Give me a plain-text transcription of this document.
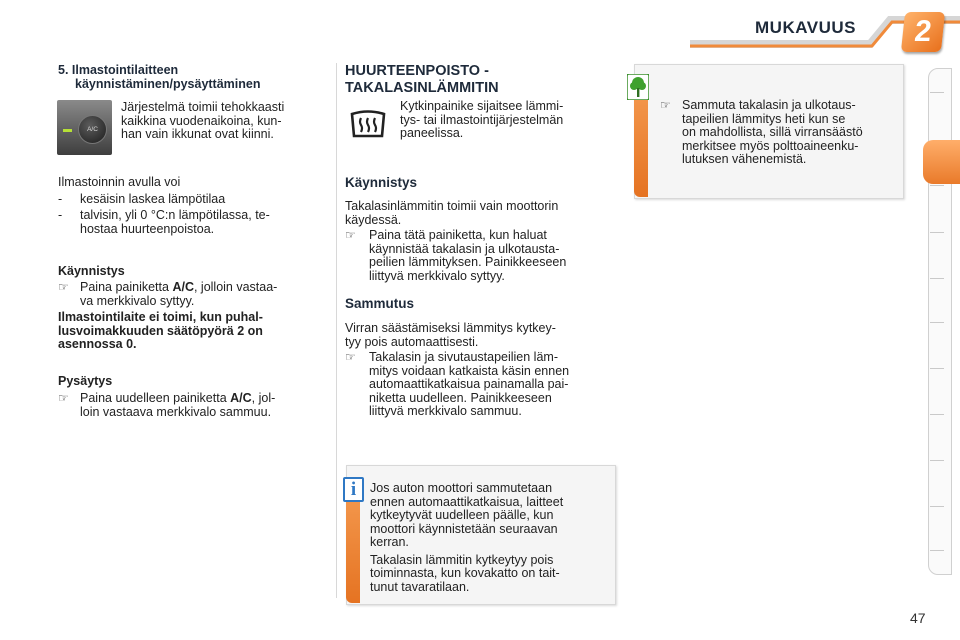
MUKAVUUS	2
5. Ilmastointilaitteen
käynnistäminen/pysäyttäminen
A/C
Järjestelmä toimii tehokkaasti
kaikkina vuodenaikoina, kun-
han vain ikkunat ovat kiinni.
Ilmastoinnin avulla voi
- kesäisin laskea lämpötilaa
- talvisin, yli 0 °C:n lämpötilassa, te-
hostaa huurteenpoistoa.
Käynnistys
☞ Paina painiketta A/C, jolloin vastaa-
va merkkivalo syttyy.
Ilmastointilaite ei toimi, kun puhal-
lusvoimakkuuden säätöpyörä 2 on
asennossa 0.
Pysäytys
☞ Paina uudelleen painiketta A/C, jol-
loin vastaava merkkivalo sammuu.
HUURTEENPOISTO -
TAKALASINLÄMMITIN
Kytkinpainike sijaitsee lämmi-
tys- tai ilmastointijärjestelmän
paneelissa.
Käynnistys
Takalasinlämmitin toimii vain moottorin
käydessä.
☞ Paina tätä painiketta, kun haluat
käynnistää takalasin ja ulkotausta-
peilien lämmityksen. Painikkeeseen
liittyvä merkkivalo syttyy.
Sammutus
Virran säästämiseksi lämmitys kytkey-
tyy pois automaattisesti.
☞ Takalasin ja sivutaustapeilien läm-
mitys voidaan katkaista käsin ennen
automaattikatkaisua painamalla pai-
niketta uudelleen. Painikkeeseen
liittyvä merkkivalo sammuu.
i	Jos auton moottori sammutetaan
ennen automaattikatkaisua, laitteet
kytkeytyvät uudelleen päälle, kun
moottori käynnistetään seuraavan
kerran.
Takalasin lämmitin kytkeytyy pois
toiminnasta, kun kovakatto on tait-
tunut tavaratilaan.
☞ Sammuta takalasin ja ulkotaus-
tapeilien lämmitys heti kun se
on mahdollista, sillä virransäästö
merkitsee myös polttoaineenku-
lutuksen vähenemistä.
47
